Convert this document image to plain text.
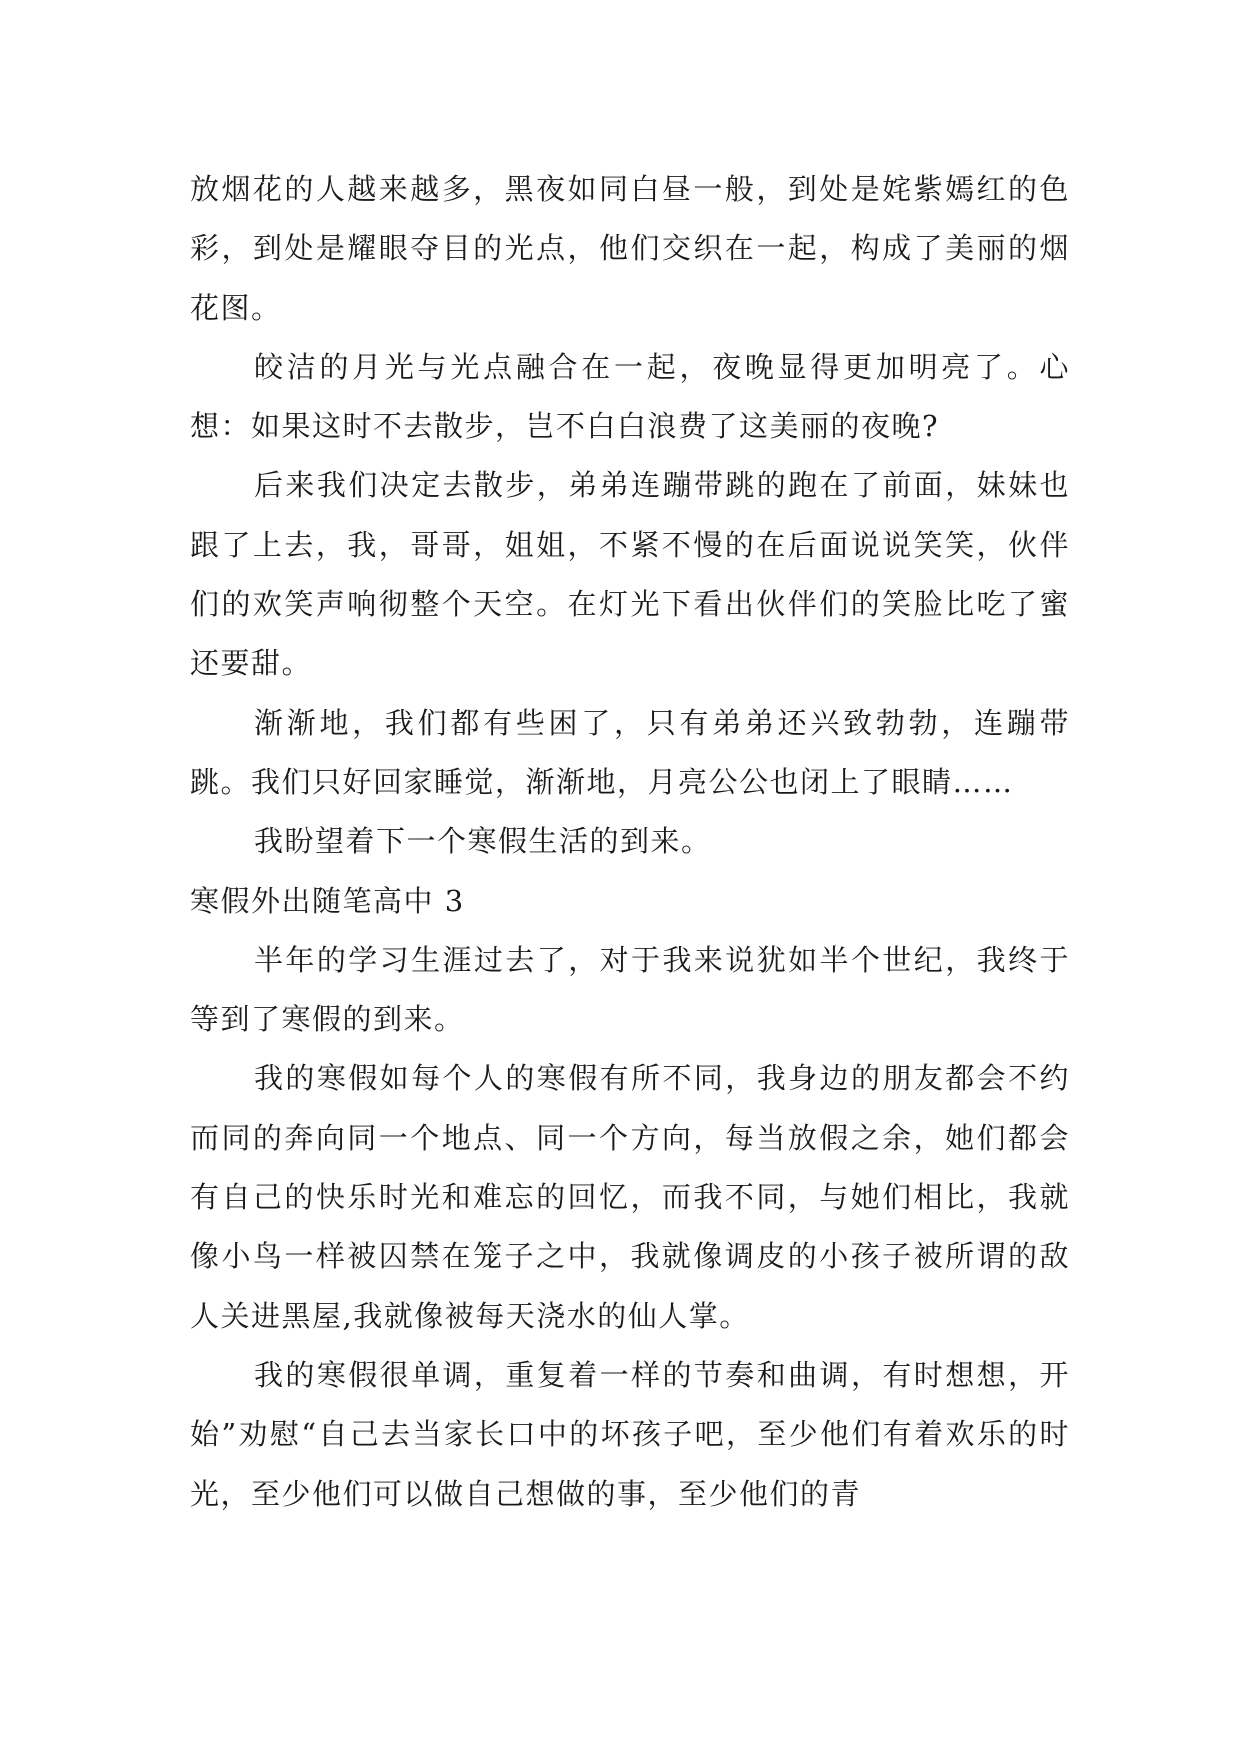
放烟花的人越来越多，黑夜如同白昼一般，到处是姹紫嫣红的色彩，到处是耀眼夺目的光点，他们交织在一起，构成了美丽的烟花图。

皎洁的月光与光点融合在一起，夜晚显得更加明亮了。心想：如果这时不去散步，岂不白白浪费了这美丽的夜晚?

后来我们决定去散步，弟弟连蹦带跳的跑在了前面，妹妹也跟了上去，我，哥哥，姐姐，不紧不慢的在后面说说笑笑，伙伴们的欢笑声响彻整个天空。在灯光下看出伙伴们的笑脸比吃了蜜还要甜。

渐渐地，我们都有些困了，只有弟弟还兴致勃勃，连蹦带跳。我们只好回家睡觉，渐渐地，月亮公公也闭上了眼睛……

我盼望着下一个寒假生活的到来。

寒假外出随笔高中 3

半年的学习生涯过去了，对于我来说犹如半个世纪，我终于等到了寒假的到来。

我的寒假如每个人的寒假有所不同，我身边的朋友都会不约而同的奔向同一个地点、同一个方向，每当放假之余，她们都会有自己的快乐时光和难忘的回忆，而我不同，与她们相比，我就像小鸟一样被囚禁在笼子之中，我就像调皮的小孩子被所谓的敌人关进黑屋,我就像被每天浇水的仙人掌。

我的寒假很单调，重复着一样的节奏和曲调，有时想想，开始”劝慰“自己去当家长口中的坏孩子吧，至少他们有着欢乐的时光，至少他们可以做自己想做的事，至少他们的青
